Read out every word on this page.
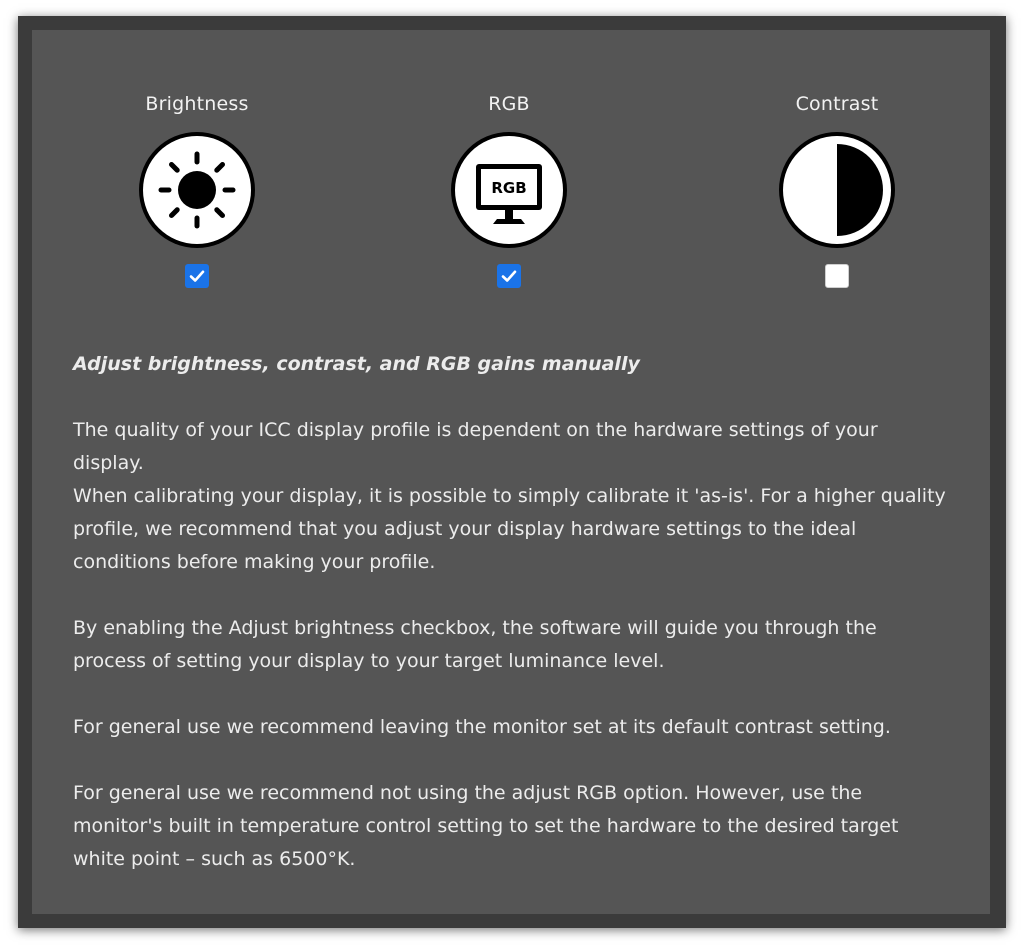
Brightness	RGB
RGB
Contrast

Adjust brightness, contrast, and RGB gains manually

The quality of your ICC display profile is dependent on the hardware settings of your display.

When calibrating your display, it is possible to simply calibrate it 'as-is'. For a higher quality profile, we recommend that you adjust your display hardware settings to the ideal conditions before making your profile.

By enabling the Adjust brightness checkbox, the software will guide you through the process of setting your display to your target luminance level.

For general use we recommend leaving the monitor set at its default contrast setting.

For general use we recommend not using the adjust RGB option. However, use the monitor's built in temperature control setting to set the hardware to the desired target white point – such as 6500°K.
